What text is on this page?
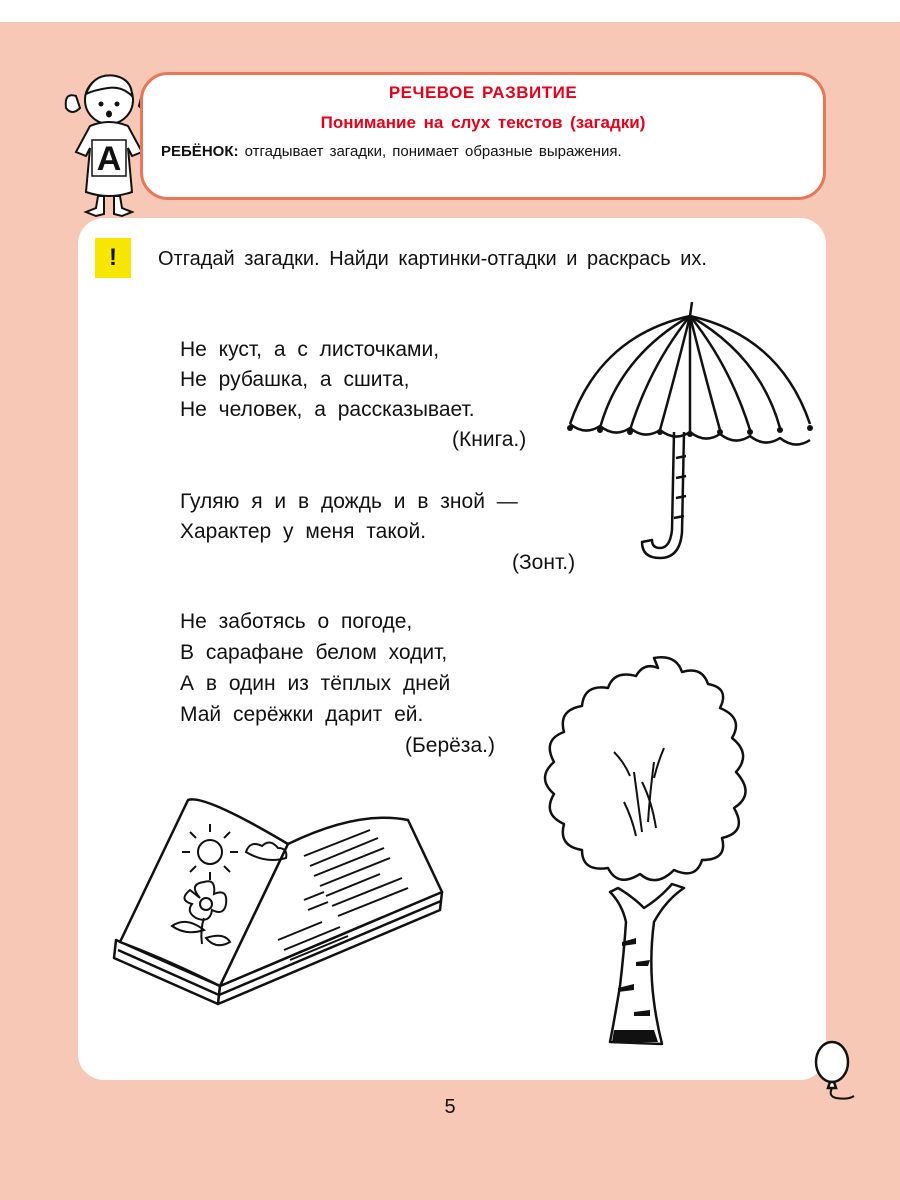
А
РЕЧЕВОЕ РАЗВИТИЕ
Понимание на слух текстов (загадки)
РЕБЁНОК: отгадывает загадки, понимает образные выражения.
!	Отгадай загадки. Найди картинки-отгадки и раскрась их.
Не куст, а с листочками,
Не рубашка, а сшита,
Не человек, а рассказывает.
(Книга.)
Гуляю я и в дождь и в зной —
Характер у меня такой.
(Зонт.)
Не заботясь о погоде,
В сарафане белом ходит,
А в один из тёплых дней
Май серёжки дарит ей.
(Берёза.)
5
